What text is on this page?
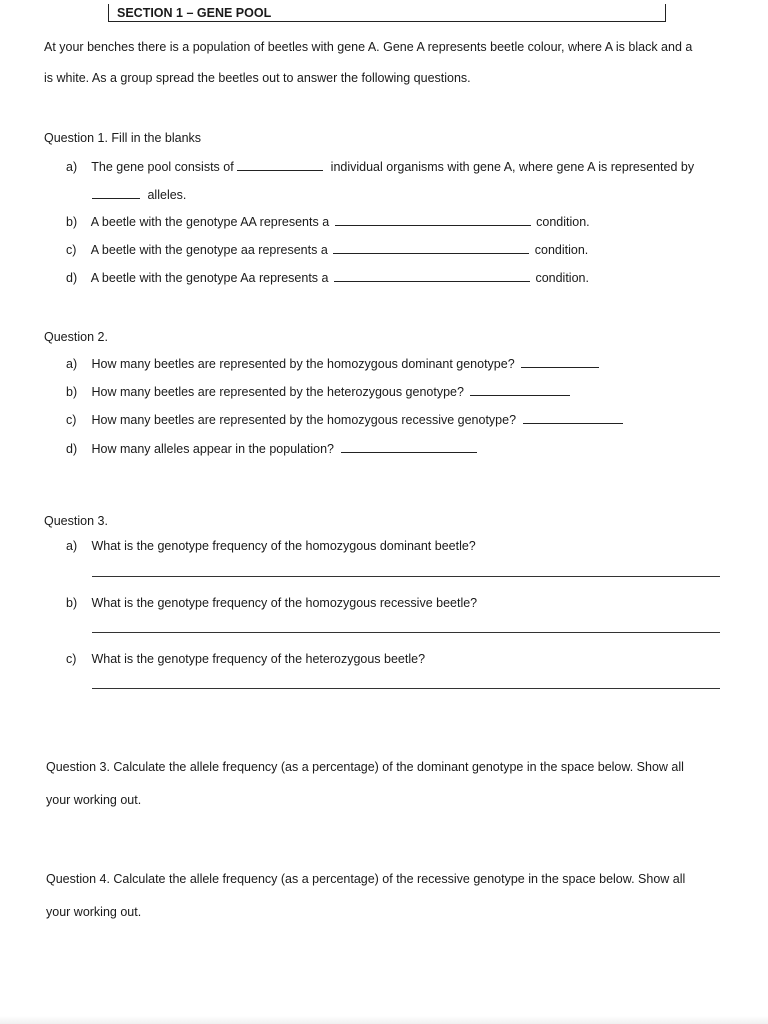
SECTION 1 – GENE POOL
At your benches there is a population of beetles with gene A. Gene A represents beetle colour, where A is black and a
is white. As a group spread the beetles out to answer the following questions.
Question 1. Fill in the blanks
a) The gene pool consists of	individual organisms with gene A, where gene A is represented by
alleles.
b) A beetle with the genotype AA represents a	condition.
c) A beetle with the genotype aa represents a	condition.
d) A beetle with the genotype Aa represents a	condition.
Question 2.
a) How many beetles are represented by the homozygous dominant genotype?
b) How many beetles are represented by the heterozygous genotype?
c) How many beetles are represented by the homozygous recessive genotype?
d) How many alleles appear in the population?
Question 3.
a) What is the genotype frequency of the homozygous dominant beetle?
b) What is the genotype frequency of the homozygous recessive beetle?
c) What is the genotype frequency of the heterozygous beetle?
Question 3. Calculate the allele frequency (as a percentage) of the dominant genotype in the space below. Show all
your working out.
Question 4. Calculate the allele frequency (as a percentage) of the recessive genotype in the space below. Show all
your working out.
